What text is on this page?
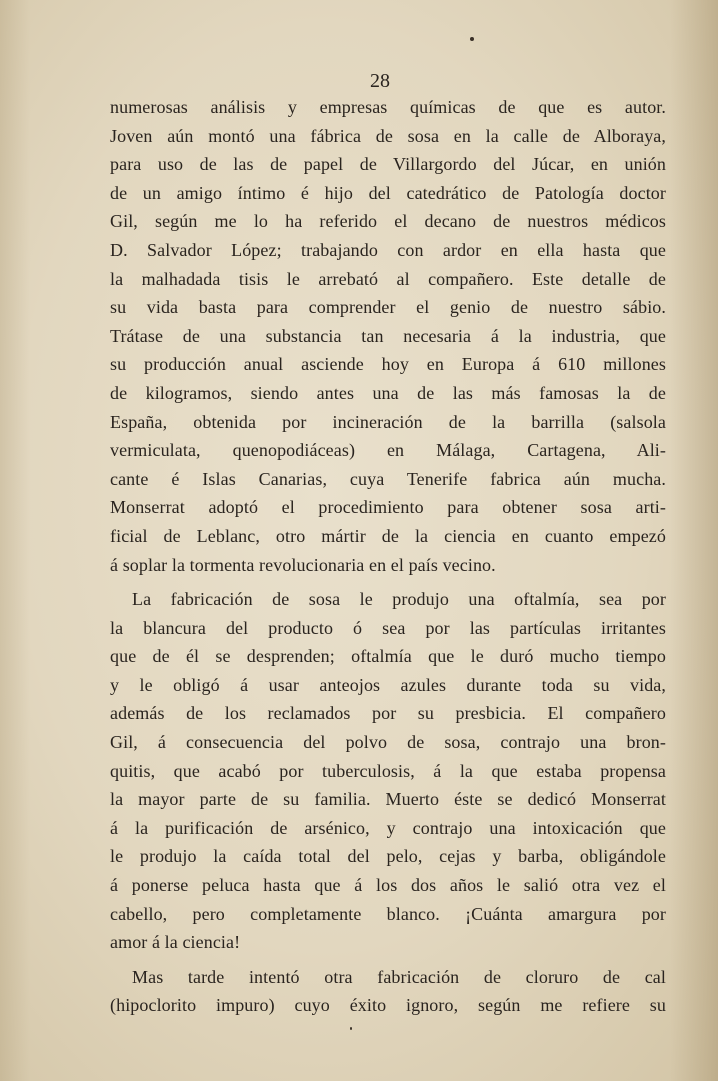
28
numerosas análisis y empresas químicas de que es autor.
Joven aún montó una fábrica de sosa en la calle de Alboraya,
para uso de las de papel de Villargordo del Júcar, en unión
de un amigo íntimo é hijo del catedrático de Patología doctor
Gil, según me lo ha referido el decano de nuestros médicos
D. Salvador López; trabajando con ardor en ella hasta que
la malhadada tisis le arrebató al compañero. Este detalle de
su vida basta para comprender el genio de nuestro sábio.
Trátase de una substancia tan necesaria á la industria, que
su producción anual asciende hoy en Europa á 610 millones
de kilogramos, siendo antes una de las más famosas la de
España, obtenida por incineración de la barrilla (salsola
vermiculata, quenopodiáceas) en Málaga, Cartagena, Ali-
cante é Islas Canarias, cuya Tenerife fabrica aún mucha.
Monserrat adoptó el procedimiento para obtener sosa arti-
ficial de Leblanc, otro mártir de la ciencia en cuanto empezó
á soplar la tormenta revolucionaria en el país vecino.
La fabricación de sosa le produjo una oftalmía, sea por
la blancura del producto ó sea por las partículas irritantes
que de él se desprenden; oftalmía que le duró mucho tiempo
y le obligó á usar anteojos azules durante toda su vida,
además de los reclamados por su presbicia. El compañero
Gil, á consecuencia del polvo de sosa, contrajo una bron-
quitis, que acabó por tuberculosis, á la que estaba propensa
la mayor parte de su familia. Muerto éste se dedicó Monserrat
á la purificación de arsénico, y contrajo una intoxicación que
le produjo la caída total del pelo, cejas y barba, obligándole
á ponerse peluca hasta que á los dos años le salió otra vez el
cabello, pero completamente blanco. ¡Cuánta amargura por
amor á la ciencia!
Mas tarde intentó otra fabricación de cloruro de cal
(hipoclorito impuro) cuyo éxito ignoro, según me refiere su
